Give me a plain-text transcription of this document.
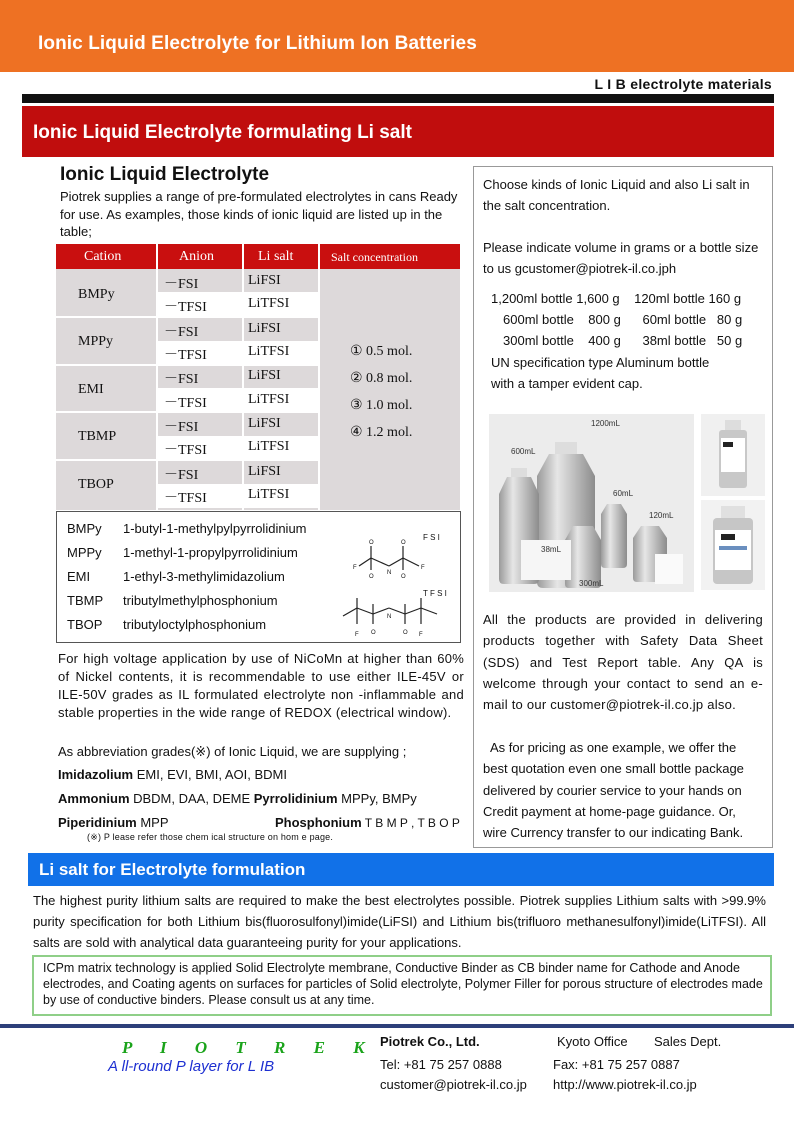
Ionic Liquid Electrolyte for Lithium Ion Batteries
L I B electrolyte materials
Ionic Liquid Electrolyte formulating Li salt
Ionic Liquid Electrolyte
Piotrek supplies a range of pre-formulated electrolytes in cans Ready for use. As examples, those kinds of ionic liquid are listed up in the table;
Cation	Anion	Li salt	Salt concentration
BMPy
－FSI	LiFSI
－TFSI	LiTFSI
MPPy
－FSI	LiFSI
－TFSI	LiTFSI
EMI
－FSI	LiFSI
－TFSI	LiTFSI
TBMP
－FSI	LiFSI
－TFSI	LiTFSI
TBOP
－FSI	LiFSI
－TFSI	LiTFSI
① 0.5 mol.
② 0.8 mol.
③ 1.0 mol.
④ 1.2 mol.
BMPy	1-butyl-1-methylpylpyrrolidinium
MPPy	1-methyl-1-propylpyrrolidinium
EMI	1-ethyl-3-methylimidazolium
TBMP	tributylmethylphosphonium
TBOP	tributyloctylphosphonium
F S I
F	F
O	O
O	O
N
T F S I
F	F
O	O
N
For high voltage application by use of NiCoMn at higher than 60% of Nickel contents, it is recommendable to use either ILE-45V or ILE-50V grades as IL formulated electrolyte non -inflammable and stable properties in the wide range of REDOX (electrical window).
As abbreviation grades(※) of Ionic Liquid, we are supplying ;
Imidazolium EMI, EVI, BMI, AOI, BDMI
Ammonium DBDM, DAA, DEME Pyrrolidinium MPPy, BMPy
Piperidinium MPP	Phosphonium T B M P , T B O P
(※) P lease refer those chem ical structure on hom e page.
Choose kinds of Ionic Liquid and also Li salt in the salt concentration.
Please indicate volume in grams or a bottle size to us gcustomer@piotrek-il.co.jph
1,200ml bottle 1,600 g    120ml bottle 160 g
600ml bottle    800 g      60ml bottle   80 g
300ml bottle    400 g      38ml bottle   50 g
UN specification type Aluminum bottle
with a tamper evident cap.
1200mL
600mL
60mL
120mL
300mL
38mL
All the products are provided in delivering products together with Safety Data Sheet (SDS) and Test Report table. Any QA is welcome through your contact to send an e-mail to our customer@piotrek-il.co.jp also.
As for pricing as one example, we offer the best quotation even one small bottle package delivered by courier service to your hands on Credit payment at home-page guidance. Or, wire Currency transfer to our indicating Bank.
Li salt for Electrolyte formulation
The highest purity lithium salts are required to make the best electrolytes possible. Piotrek supplies Lithium salts with >99.9% purity specification for both Lithium bis(fluorosulfonyl)imide(LiFSI) and Lithium bis(trifluoro methanesulfonyl)imide(LiTFSI). All salts are sold with analytical data guaranteeing purity for your applications.
ICPm matrix technology is applied Solid Electrolyte membrane, Conductive Binder as CB binder name for Cathode and Anode electrodes, and Coating agents on surfaces for particles of Solid electrolyte, Polymer Filler for porous structure of electrodes made by use of conductive binders. Please consult us at any time.
P I O T R E K
A ll-round P layer for L IB
Piotrek Co., Ltd.	Kyoto Office Sales Dept.
Tel: +81 75 257 0888	Fax: +81 75 257 0887
customer@piotrek-il.co.jp http://www.piotrek-il.co.jp
